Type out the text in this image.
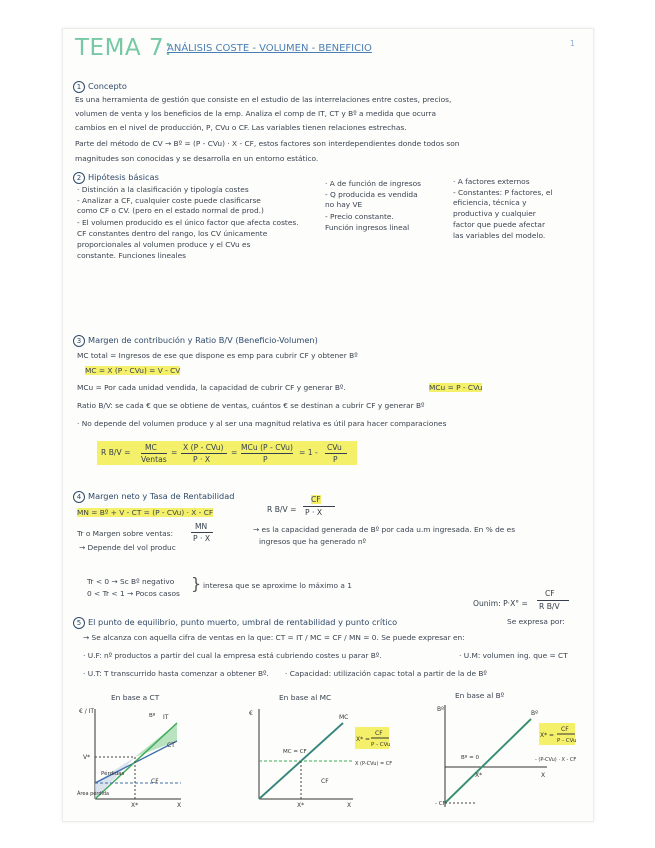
TEMA 7:
ANÁLISIS COSTE - VOLUMEN - BENEFICIO	1
1 Concepto
Es una herramienta de gestión que consiste en el estudio de las interrelaciones entre costes, precios,
volumen de venta y los beneficios de la emp. Analiza el comp de IT, CT y Bº a medida que ocurra
cambios en el nivel de producción, P, CVu o CF. Las variables tienen relaciones estrechas.
Parte del método de CV → Bº = (P - CVu) · X - CF, estos factores son interdependientes donde todos son
magnitudes son conocidas y se desarrolla en un entorno estático.
2 Hipótesis básicas
· Distinción a la clasificación y tipología costes
- Analizar a CF, cualquier coste puede clasificarse
como CF o CV. (pero en el estado normal de prod.)
- El volumen producido es el único factor que afecta costes.
CF constantes dentro del rango, los CV únicamente
proporcionales al volumen produce y el CVu es
constante. Funciones lineales
· A de función de ingresos
- Q producida es vendida
no hay VE
- Precio constante.
Función ingresos lineal
· A factores externos
- Constantes: P factores, el
eficiencia, técnica y
productiva y cualquier
factor que puede afectar
las variables del modelo.
3 Margen de contribución y Ratio B/V (Beneficio-Volumen)
MC total = Ingresos de ese que dispone es emp para cubrir CF y obtener Bº
MC = X (P - CVu) = V - CV
MCu = Por cada unidad vendida, la capacidad de cubrir CF y generar Bº.	MCu = P - CVu
Ratio B/V: se cada € que se obtiene de ventas, cuántos € se destinan a cubrir CF y generar Bº
· No depende del volumen produce y al ser una magnitud relativa es útil para hacer comparaciones
R B/V =
MC
Ventas
=
X (P - CVu)
P · X
=
MCu (P - CVu)
P
= 1 -
CVu
P
4 Margen neto y Tasa de Rentabilidad
MN = Bº + V - CT = (P - CVu) · X - CF	R B/V =
CF
P · X
→ es la capacidad generada de Bº por cada u.m ingresada. En % de es
Tr o Margen sobre ventas:
MN
P · X	ingresos que ha generado nº
→ Depende del vol produc
Tr < 0 → Sc Bº negativo
0 < Tr < 1 → Pocos casos
} interesa que se aproxime lo máximo a 1
5 El punto de equilibrio, punto muerto, umbral de rentabilidad y punto crítico
Ounim: P·X° =
CF
R B/V
Se expresa por:
→ Se alcanza con aquella cifra de ventas en la que: CT = IT / MC = CF / MN = 0. Se puede expresar en:
· U.F: nº productos a partir del cual la empresa está cubriendo costes u parar Bº.	· U.M: volumen ing. que = CT
· U.T: T transcurrido hasta comenzar a obtener Bº. · Capacidad: utilización capac total a partir de la de Bº
En base a CT
€ / IT
IT
CT
V*
CF
X*	X
Bº
Pérdidas
Área pérdida
En base al MC
€
MC
MC = CF
CF
X*	X
X (P-CVu) = CF
X* =
CF
P - CVu
En base al Bº
Bº
Bº
Bº = 0
X*	X
- CF
- (P-CVu) · X - CF
X* =
CF
P - CVu
